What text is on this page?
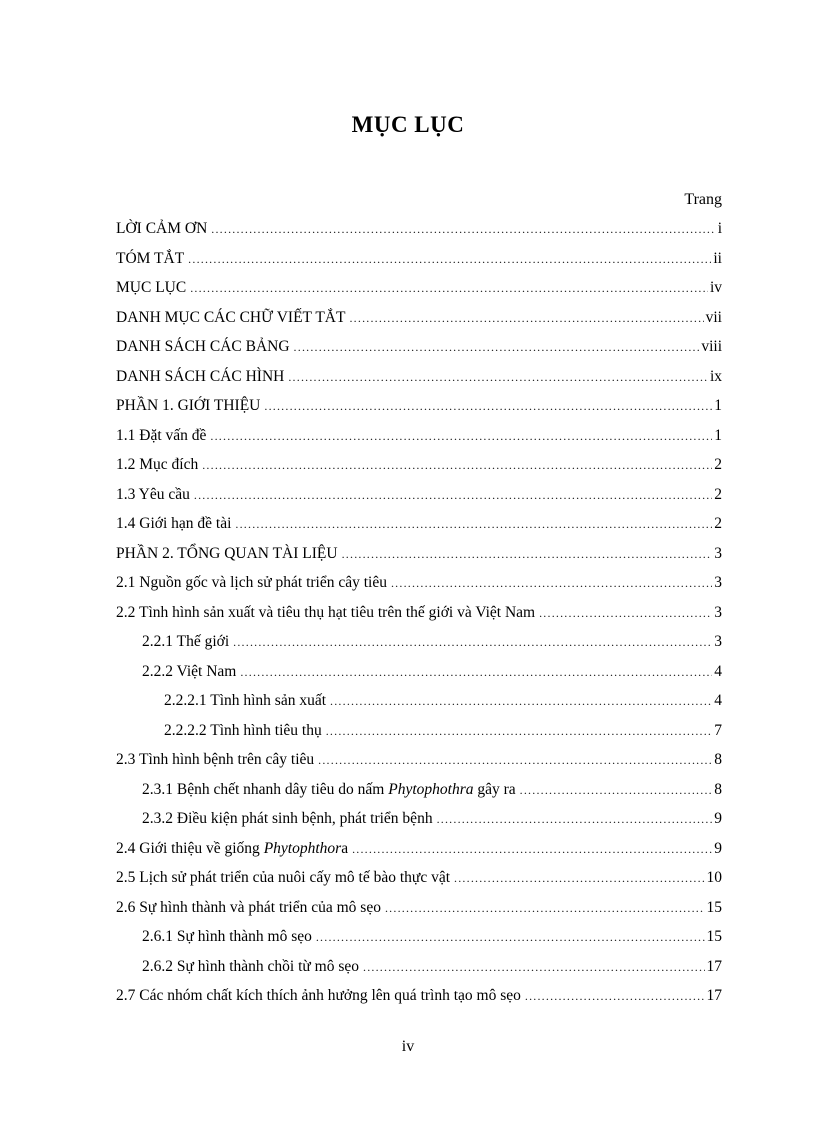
MỤC LỤC
Trang
LỜI CẢM ƠN .....	i
TÓM TẮT .....	ii
MỤC LỤC .....	iv
DANH MỤC CÁC CHỮ VIẾT TẮT .....	vii
DANH SÁCH CÁC BẢNG .....	viii
DANH SÁCH CÁC HÌNH .....	ix
PHẦN 1. GIỚI THIỆU .....	1
1.1 Đặt vấn đề .....	1
1.2 Mục đích .....	2
1.3 Yêu cầu .....	2
1.4 Giới hạn đề tài .....	2
PHẦN 2. TỔNG QUAN TÀI LIỆU .....	3
2.1 Nguồn gốc và lịch sử phát triển cây tiêu .....	3
2.2 Tình hình sản xuất và tiêu thụ hạt tiêu trên thế giới và Việt Nam .....	3
2.2.1 Thế giới .....	3
2.2.2 Việt Nam .....	4
2.2.2.1 Tình hình sản xuất .....	4
2.2.2.2 Tình hình tiêu thụ .....	7
2.3 Tình hình bệnh trên cây tiêu .....	8
2.3.1 Bệnh chết nhanh dây tiêu do nấm Phytophothra gây ra .....	8
2.3.2 Điều kiện phát sinh bệnh, phát triển bệnh .....	9
2.4 Giới thiệu về giống Phytophthora .....	9
2.5 Lịch sử phát triển của nuôi cấy mô tế bào thực vật .....	10
2.6 Sự hình thành và phát triển của mô sẹo .....	15
2.6.1 Sự hình thành mô sẹo .....	15
2.6.2 Sự hình thành chồi từ mô sẹo .....	17
2.7 Các nhóm chất kích thích ảnh hưởng lên quá trình tạo mô sẹo .....	17
iv
